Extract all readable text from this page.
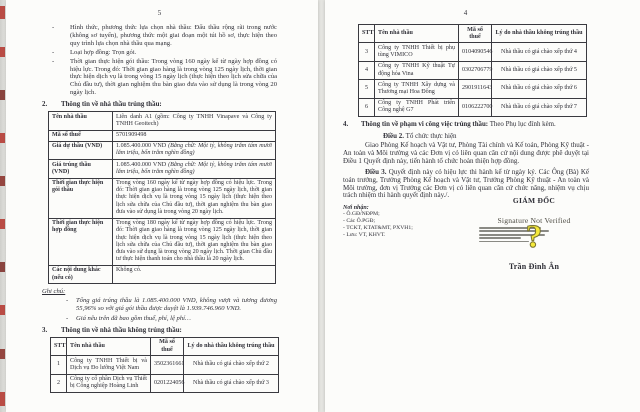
5
- Hình thức, phương thức lựa chọn nhà thầu: Đấu thầu rộng rãi trong nước (không sơ tuyển), phương thức một giai đoạn một túi hồ sơ, thực hiện theo quy trình lựa chọn nhà thầu qua mạng.
- Loại hợp đồng: Trọn gói.
- Thời gian thực hiện gói thầu: Trong vòng 160 ngày kể từ ngày hợp đồng có hiệu lực. Trong đó: Thời gian giao hàng là trong vòng 125 ngày lịch, thời gian thực hiện dịch vụ là trong vòng 15 ngày lịch (thực hiện theo lịch sửa chữa của Chủ đầu tư), thời gian nghiệm thu bàn giao đưa vào sử dụng là trong vòng 20 ngày lịch.
2.	Thông tin về nhà thầu trúng thầu:
Tên nhà thầu	Liên danh A1 (gồm: Công ty TNHH Vinapave và Công ty TNHH Geoitech)
Mã số thuế	5701909498
Giá dự thầu (VND)	1.085.400.000 VND (Bằng chữ: Một tỷ, không trăm tám mươi lăm triệu, bốn trăm nghìn đồng)
Giá trúng thầu (VND)	1.085.400.000 VND (Bằng chữ: Một tỷ, không trăm tám mươi lăm triệu, bốn trăm nghìn đồng)
Thời gian thực hiện gói thầu	Trong vòng 160 ngày kể từ ngày hợp đồng có hiệu lực. Trong đó: Thời gian giao hàng là trong vòng 125 ngày lịch, thời gian thực hiện dịch vụ là trong vòng 15 ngày lịch (thực hiện theo lịch sửa chữa của Chủ đầu tư), thời gian nghiệm thu bàn giao đưa vào sử dụng là trong vòng 20 ngày lịch.
Thời gian thực hiện hợp đồng	Trong vòng 180 ngày kể từ ngày hợp đồng có hiệu lực. Trong đó: Thời gian giao hàng là trong vòng 125 ngày lịch, thời gian thực hiện dịch vụ là trong vòng 15 ngày lịch (thực hiện theo lịch sửa chữa của Chủ đầu tư), thời gian nghiệm thu bàn giao đưa vào sử dụng là trong vòng 20 ngày lịch. Thời gian Chủ đầu tư thực hiện thanh toán cho nhà thầu là 20 ngày lịch.
Các nội dung khác (nếu có)	Không có.
Ghi chú:
- Tổng giá trúng thầu là 1.085.400.000 VND, không vượt và tương đương 55,96% so với giá gói thầu được duyệt là 1.939.746.960 VND.
- Giá nêu trên đã bao gồm thuế, phí, lệ phí…
3.	Thông tin về nhà thầu không trúng thầu:
STT	Tên nhà thầu	Mã số thuế	Lý do nhà thầu không trúng thầu
1	Công ty TNHH Thiết bị và Dịch vụ Đo lường Việt Nam	3502361661	Nhà thầu có giá chào xếp thứ 2
2	Công ty cổ phần Dịch vụ Thiết bị Công nghiệp Hoàng Linh	0201224056	Nhà thầu có giá chào xếp thứ 3
4
STT	Tên nhà thầu	Mã số thuế	Lý do nhà thầu không trúng thầu
3	Công ty TNHH Thiết bị phụ tùng VIMICO	0104090546	Nhà thầu có giá chào xếp thứ 4
4	Công ty TNHH Kỹ thuật Tự động hóa Vina	0302706779	Nhà thầu có giá chào xếp thứ 5
5	Công ty TNHH Xây dựng và Thương mại Hoa Đông	2901911643	Nhà thầu có giá chào xếp thứ 6
6	Công ty TNHH Phát triển Công nghệ G7	0106222700	Nhà thầu có giá chào xếp thứ 7
4. Thông tin về phạm vi công việc trúng thầu: Theo Phụ lục đính kèm.
Điều 2. Tổ chức thực hiện
Giao Phòng Kế hoạch và Vật tư, Phòng Tài chính và Kế toán, Phòng Kỹ thuật - An toàn và Môi trường và các Đơn vị có liên quan căn cứ nội dung được phê duyệt tại Điều 1 Quyết định này, tiến hành tổ chức hoàn thiện hợp đồng.
Điều 3. Quyết định này có hiệu lực thi hành kể từ ngày ký. Các Ông (Bà) Kế toán trưởng, Trưởng Phòng Kế hoạch và Vật tư, Trưởng Phòng Kỹ thuật - An toàn và Môi trường, đơn vị Trưởng các Đơn vị có liên quan căn cứ chức năng, nhiệm vụ chịu trách nhiệm thi hành quyết định này./.
Nơi nhận:
- Ô.GĐ/NĐPM;
- Các Ô.PGĐ;
- TCKT, KTAT&MT, PXVH1;
- Lưu: VT, KHVT.
GIÁM ĐỐC
Signature Not Verified
?
Trần Đình Ân
